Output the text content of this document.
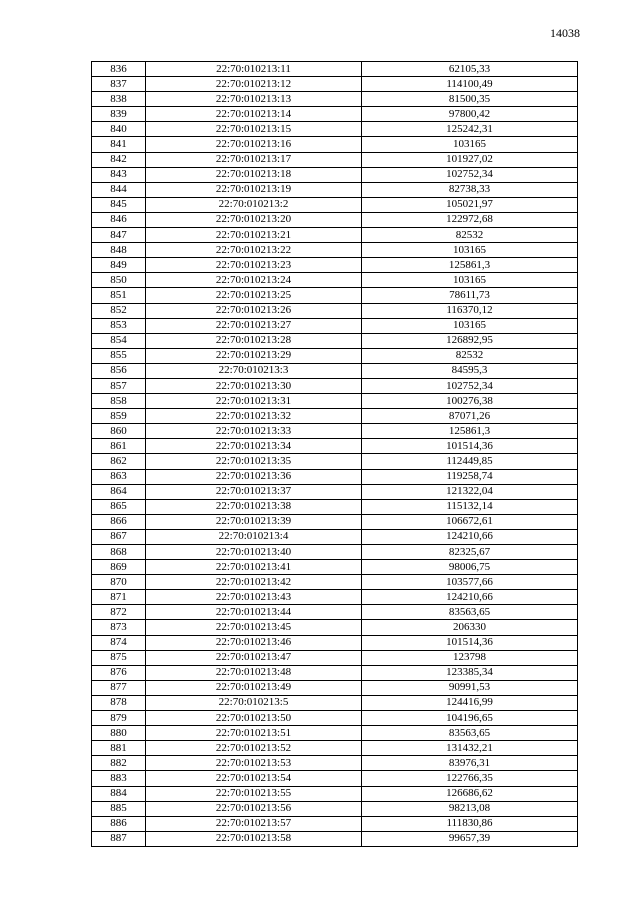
14038
836	22:70:010213:11	62105,33
837	22:70:010213:12	114100,49
838	22:70:010213:13	81500,35
839	22:70:010213:14	97800,42
840	22:70:010213:15	125242,31
841	22:70:010213:16	103165
842	22:70:010213:17	101927,02
843	22:70:010213:18	102752,34
844	22:70:010213:19	82738,33
845	22:70:010213:2	105021,97
846	22:70:010213:20	122972,68
847	22:70:010213:21	82532
848	22:70:010213:22	103165
849	22:70:010213:23	125861,3
850	22:70:010213:24	103165
851	22:70:010213:25	78611,73
852	22:70:010213:26	116370,12
853	22:70:010213:27	103165
854	22:70:010213:28	126892,95
855	22:70:010213:29	82532
856	22:70:010213:3	84595,3
857	22:70:010213:30	102752,34
858	22:70:010213:31	100276,38
859	22:70:010213:32	87071,26
860	22:70:010213:33	125861,3
861	22:70:010213:34	101514,36
862	22:70:010213:35	112449,85
863	22:70:010213:36	119258,74
864	22:70:010213:37	121322,04
865	22:70:010213:38	115132,14
866	22:70:010213:39	106672,61
867	22:70:010213:4	124210,66
868	22:70:010213:40	82325,67
869	22:70:010213:41	98006,75
870	22:70:010213:42	103577,66
871	22:70:010213:43	124210,66
872	22:70:010213:44	83563,65
873	22:70:010213:45	206330
874	22:70:010213:46	101514,36
875	22:70:010213:47	123798
876	22:70:010213:48	123385,34
877	22:70:010213:49	90991,53
878	22:70:010213:5	124416,99
879	22:70:010213:50	104196,65
880	22:70:010213:51	83563,65
881	22:70:010213:52	131432,21
882	22:70:010213:53	83976,31
883	22:70:010213:54	122766,35
884	22:70:010213:55	126686,62
885	22:70:010213:56	98213,08
886	22:70:010213:57	111830,86
887	22:70:010213:58	99657,39
